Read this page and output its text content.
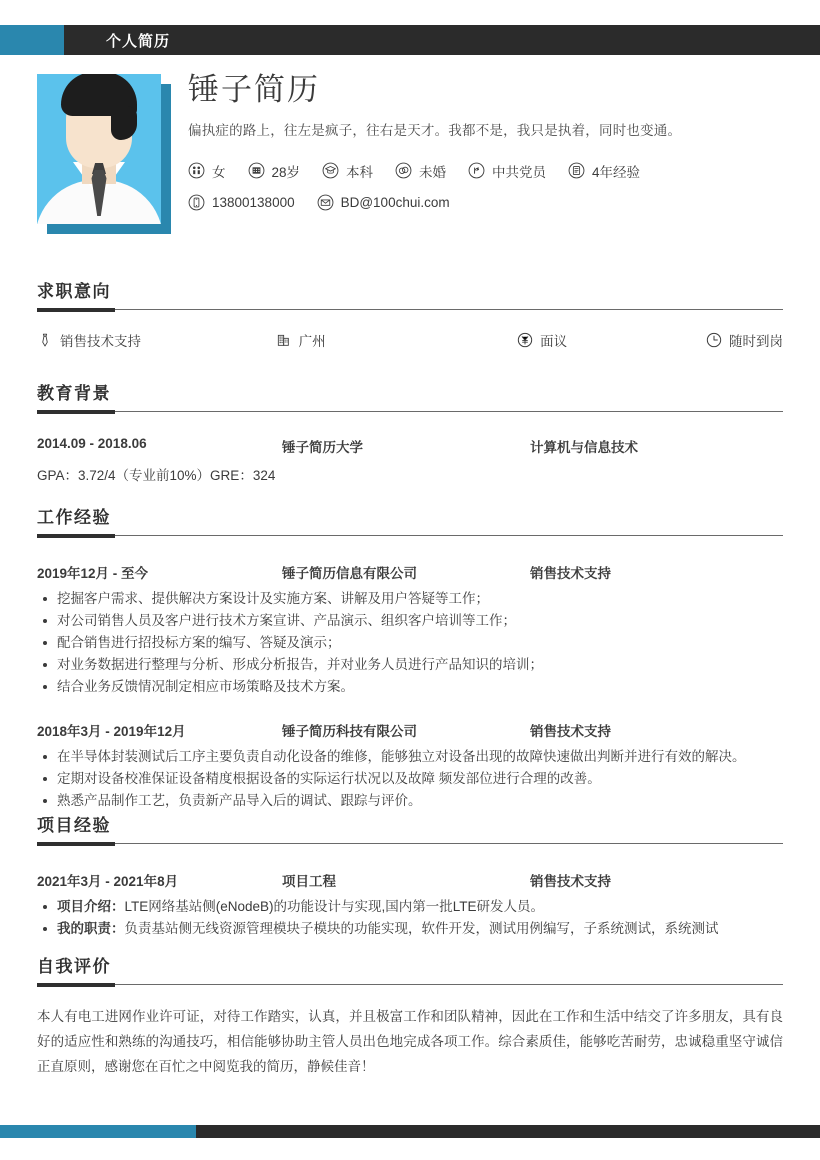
个人简历
锤子简历
偏执症的路上，往左是疯子，往右是天才。我都不是，我只是执着，同时也变通。
女	28岁	本科	未婚	中共党员	4年经验
13800138000	BD@100chui.com
求职意向
销售技术支持	广州	面议	随时到岗
教育背景
2014.09 - 2018.06	锤子简历大学	计算机与信息技术
GPA：3.72/4（专业前10%）GRE：324
工作经验
2019年12月 - 至今	锤子简历信息有限公司	销售技术支持
挖掘客户需求、提供解决方案设计及实施方案、讲解及用户答疑等工作；
对公司销售人员及客户进行技术方案宣讲、产品演示、组织客户培训等工作；
配合销售进行招投标方案的编写、答疑及演示；
对业务数据进行整理与分析、形成分析报告，并对业务人员进行产品知识的培训；
结合业务反馈情况制定相应市场策略及技术方案。
2018年3月 - 2019年12月	锤子简历科技有限公司	销售技术支持
在半导体封装测试后工序主要负责自动化设备的维修，能够独立对设备出现的故障快速做出判断并进行有效的解决。
定期对设备校准保证设备精度根据设备的实际运行状况以及故障 频发部位进行合理的改善。
熟悉产品制作工艺，负责新产品导入后的调试、跟踪与评价。
项目经验
2021年3月 - 2021年8月	项目工程	销售技术支持
项目介绍：LTE网络基站侧(eNodeB)的功能设计与实现,国内第一批LTE研发人员。
我的职责：负责基站侧无线资源管理模块子模块的功能实现，软件开发，测试用例编写，子系统测试，系统测试
自我评价
本人有电工进网作业许可证，对待工作踏实，认真，并且极富工作和团队精神，因此在工作和生活中结交了许多朋友，具有良好的适应性和熟练的沟通技巧，相信能够协助主管人员出色地完成各项工作。综合素质佳，能够吃苦耐劳，忠诚稳重坚守诚信正直原则，感谢您在百忙之中阅览我的简历，静候佳音！
